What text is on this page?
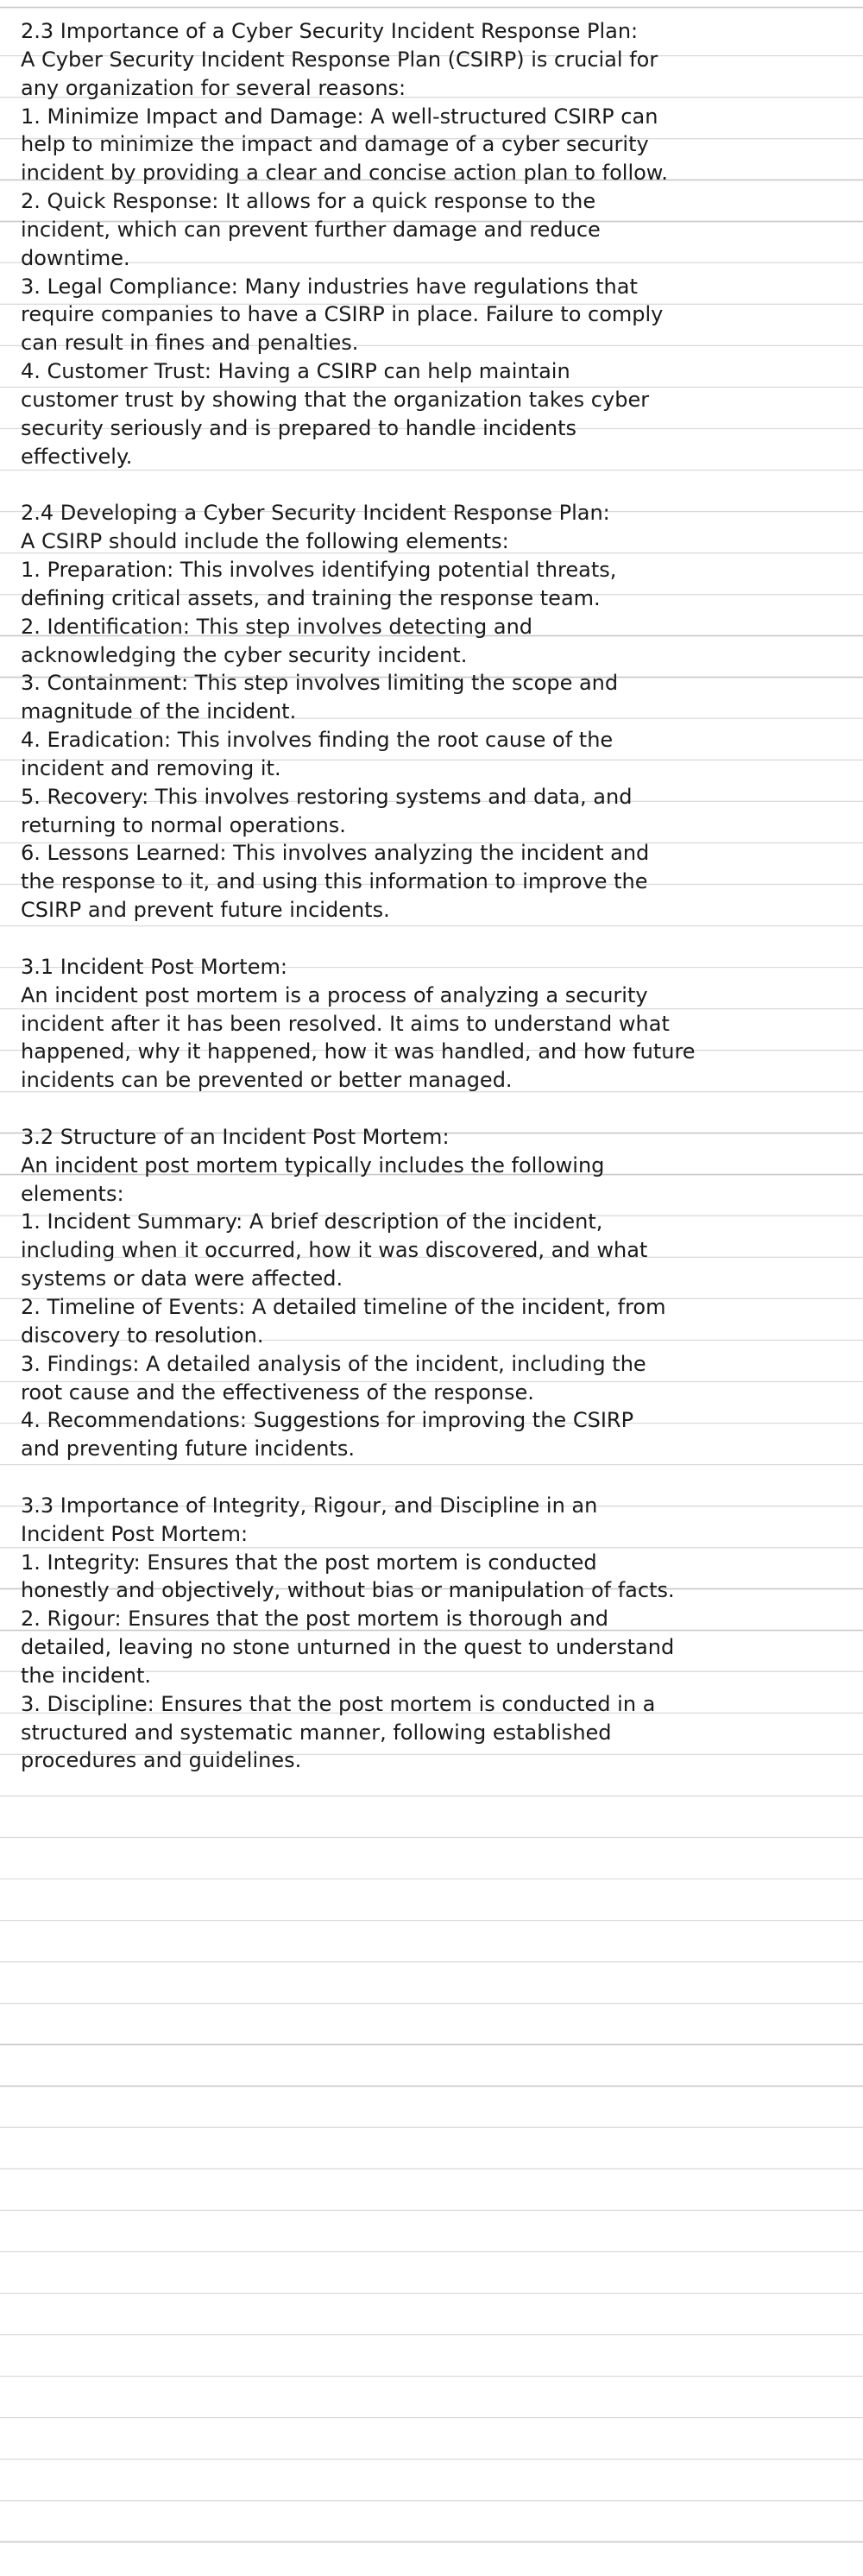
2.3 Importance of a Cyber Security Incident Response Plan:
A Cyber Security Incident Response Plan (CSIRP) is crucial for
any organization for several reasons:
1. Minimize Impact and Damage: A well-structured CSIRP can
help to minimize the impact and damage of a cyber security
incident by providing a clear and concise action plan to follow.
2. Quick Response: It allows for a quick response to the
incident, which can prevent further damage and reduce
downtime.
3. Legal Compliance: Many industries have regulations that
require companies to have a CSIRP in place. Failure to comply
can result in fines and penalties.
4. Customer Trust: Having a CSIRP can help maintain
customer trust by showing that the organization takes cyber
security seriously and is prepared to handle incidents
effectively.
2.4 Developing a Cyber Security Incident Response Plan:
A CSIRP should include the following elements:
1. Preparation: This involves identifying potential threats,
defining critical assets, and training the response team.
2. Identification: This step involves detecting and
acknowledging the cyber security incident.
3. Containment: This step involves limiting the scope and
magnitude of the incident.
4. Eradication: This involves finding the root cause of the
incident and removing it.
5. Recovery: This involves restoring systems and data, and
returning to normal operations.
6. Lessons Learned: This involves analyzing the incident and
the response to it, and using this information to improve the
CSIRP and prevent future incidents.
3.1 Incident Post Mortem:
An incident post mortem is a process of analyzing a security
incident after it has been resolved. It aims to understand what
happened, why it happened, how it was handled, and how future
incidents can be prevented or better managed.
3.2 Structure of an Incident Post Mortem:
An incident post mortem typically includes the following
elements:
1. Incident Summary: A brief description of the incident,
including when it occurred, how it was discovered, and what
systems or data were affected.
2. Timeline of Events: A detailed timeline of the incident, from
discovery to resolution.
3. Findings: A detailed analysis of the incident, including the
root cause and the effectiveness of the response.
4. Recommendations: Suggestions for improving the CSIRP
and preventing future incidents.
3.3 Importance of Integrity, Rigour, and Discipline in an
Incident Post Mortem:
1. Integrity: Ensures that the post mortem is conducted
honestly and objectively, without bias or manipulation of facts.
2. Rigour: Ensures that the post mortem is thorough and
detailed, leaving no stone unturned in the quest to understand
the incident.
3. Discipline: Ensures that the post mortem is conducted in a
structured and systematic manner, following established
procedures and guidelines.
